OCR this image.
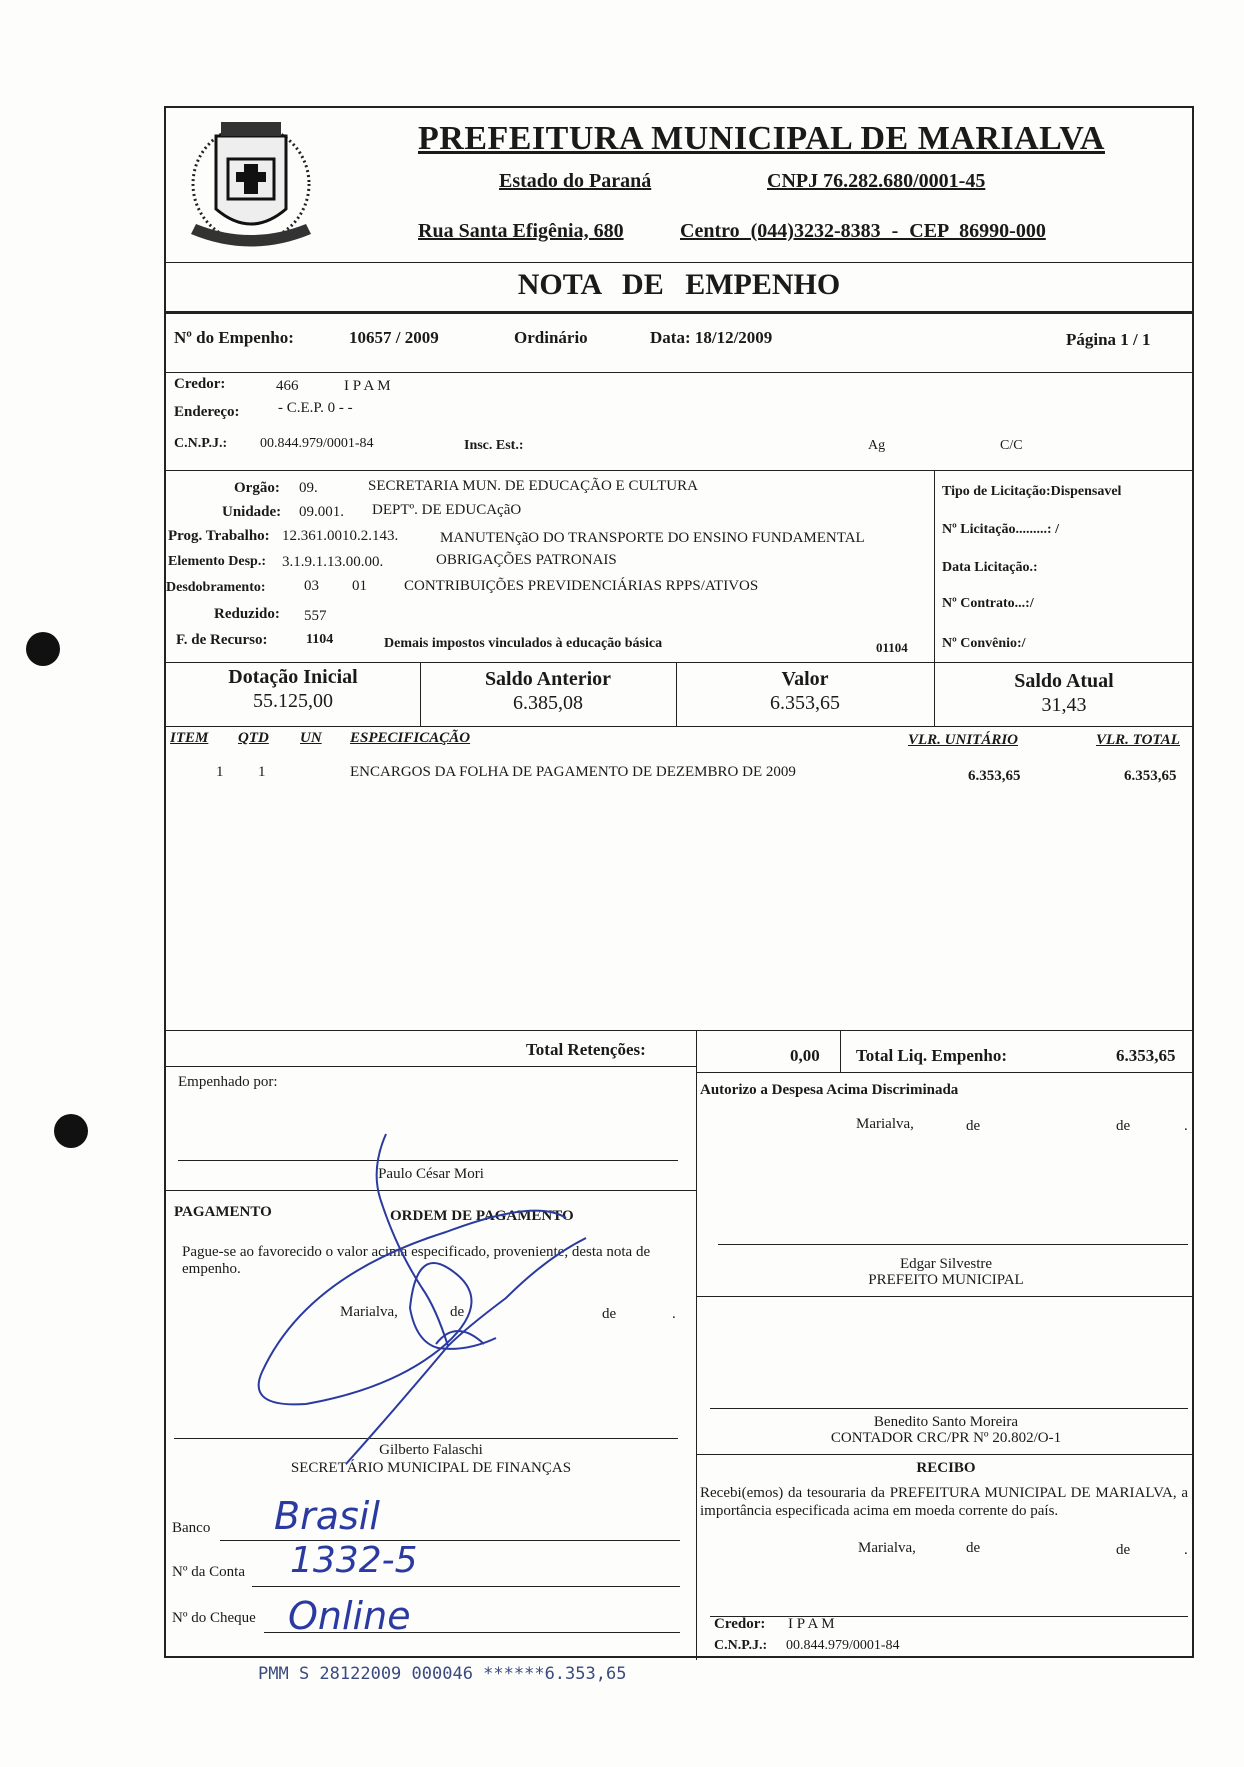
PREFEITURA MUNICIPAL DE MARIALVA
Estado do Paraná	CNPJ 76.282.680/0001-45
Rua Santa Efigênia, 680	Centro (044)3232-8383 - CEP 86990-000
NOTA DE EMPENHO
Nº do Empenho:	10657 / 2009	Ordinário	Data: 18/12/2009	Página 1 / 1
Credor:	466	I P A M
Endereço:	- C.E.P. 0 - -
C.N.P.J.: 00.844.979/0001-84	Insc. Est.:	Ag	C/C
Orgão: 09.	SECRETARIA MUN. DE EDUCAÇÃO E CULTURA
Unidade: 09.001. DEPTº. DE EDUCAçãO
Prog. Trabalho: 12.361.0010.2.143.	MANUTENçãO DO TRANSPORTE DO ENSINO FUNDAMENTAL
Elemento Desp.: 3.1.9.1.13.00.00.	OBRIGAÇÕES PATRONAIS
Desdobramento:	03 01 CONTRIBUIÇÕES PREVIDENCIÁRIAS RPPS/ATIVOS
Reduzido: 557
F. de Recurso:	1104	Demais impostos vinculados à educação básica	01104
Tipo de Licitação:Dispensavel
Nº Licitação.........: /
Data Licitação.:
Nº Contrato...:/
Nº Convênio:/
Dotação Inicial
55.125,00
Saldo Anterior
6.385,08
Valor
6.353,65
Saldo Atual
31,43
ITEM QTD UN ESPECIFICAÇÃO	VLR. UNITÁRIO	VLR. TOTAL
1 1	ENCARGOS DA FOLHA DE PAGAMENTO DE DEZEMBRO DE 2009	6.353,65	6.353,65
Total Retenções:	0,00 Total Liq. Empenho:	6.353,65
Empenhado por:
Paulo César Mori
PAGAMENTO	ORDEM DE PAGAMENTO
Pague-se ao favorecido o valor acima especificado, proveniente, desta nota de empenho.
Marialva,	de	de	.
Gilberto Falaschi
SECRETÁRIO MUNICIPAL DE FINANÇAS
Banco Brasil
Nº da Conta 1332-5
Nº do Cheque Online
Autorizo a Despesa Acima Discriminada
Marialva,	de	de	.
Edgar Silvestre
PREFEITO MUNICIPAL
Benedito Santo Moreira
CONTADOR CRC/PR Nº 20.802/O-1
RECIBO
Recebi(emos) da tesouraria da PREFEITURA MUNICIPAL DE MARIALVA, a importância especificada acima em moeda corrente do país.
Marialva,	de	de	.
Credor: I P A M
C.N.P.J.: 00.844.979/0001-84
PMM S 28122009 000046 ******6.353,65
